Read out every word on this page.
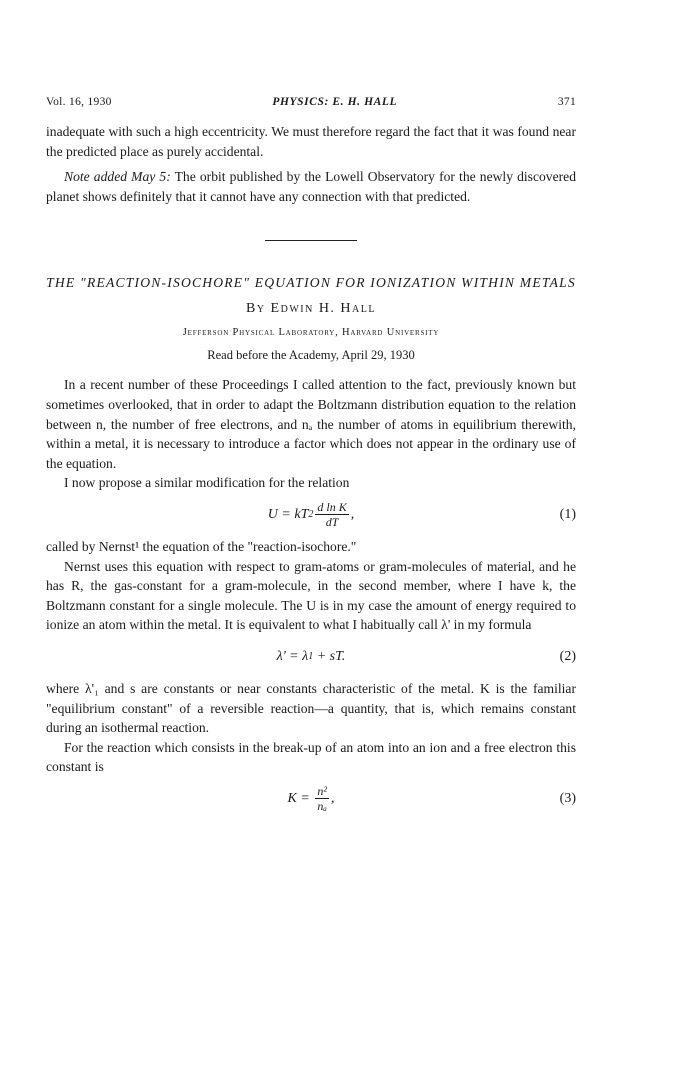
Vol. 16, 1930	PHYSICS: E. H. HALL	371

inadequate with such a high eccentricity. We must therefore regard the fact that it was found near the predicted place as purely accidental.

Note added May 5: The orbit published by the Lowell Observatory for the newly discovered planet shows definitely that it cannot have any connection with that predicted.

THE "REACTION-ISOCHORE" EQUATION FOR IONIZATION WITHIN METALS
By Edwin H. Hall
Jefferson Physical Laboratory, Harvard University
Read before the Academy, April 29, 1930

In a recent number of these Proceedings I called attention to the fact, previously known but sometimes overlooked, that in order to adapt the Boltzmann distribution equation to the relation between n, the number of free electrons, and nₐ the number of atoms in equilibrium therewith, within a metal, it is necessary to introduce a factor which does not appear in the ordinary use of the equation.

I now propose a similar modification for the relation

U = kT $2 \frac{\text{d ln K}}{dT}$ ,	(1)

called by Nernst¹ the equation of the "reaction-isochore."

Nernst uses this equation with respect to gram-atoms or gram-molecules of material, and he has R, the gas-constant for a gram-molecule, in the second member, where I have k, the Boltzmann constant for a single molecule. The U is in my case the amount of energy required to ionize an atom within the metal. It is equivalent to what I habitually call λ' in my formula

λ' = λ 1 + sT.	(2)

where λ'₁ and s are constants or near constants characteristic of the metal. K is the familiar "equilibrium constant" of a reversible reaction—a quantity, that is, which remains constant during an isothermal reaction.

For the reaction which consists in the break-up of an atom into an ion and a free electron this constant is

$K = \frac{\text{n²}}{\text{nₐ}}$ ,	(3)
